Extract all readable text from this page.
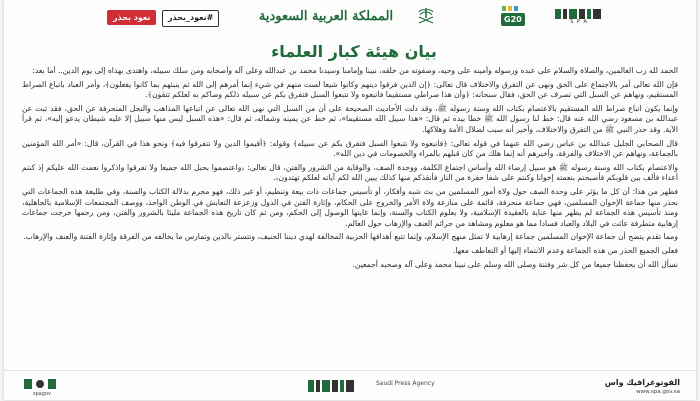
نعود بحذر	#نعود_بحذر	المملكة العربية السعودية	G20	S P A
بيان هيئة كبار العلماء

الحمد لله رب العالمين، والصلاة والسلام على عبده ورسوله وأمينه على وحيه، وصفوته من خلقه، نبينا وإمامنا وسيدنا محمد بن عبدالله وعلى آله وأصحابه ومن سلك سبيله، واهتدى بهداه إلى يوم الدين.. أما بعد:

فإن الله تعالى أمر بالاجتماع على الحق ونهى عن التفرق والاختلاف قال تعالى: ﴿إن الذين فرقوا دينهم وكانوا شيعا لست منهم في شيء إنما أمرهم إلى الله ثم ينبئهم بما كانوا يفعلون﴾، وأمر العباد باتباع الصراط المستقيم، ونهاهم عن السبل التي تصرف عن الحق، فقال سبحانه: ﴿وأن هذا صراطي مستقيما فاتبعوه ولا تتبعوا السبل فتفرق بكم عن سبيله ذلكم وصاكم به لعلكم تتقون﴾.

وإنما يكون اتباع صراط الله المستقيم بالاعتصام بكتاب الله وسنة رسوله ﷺ، وقد دلت الأحاديث الصحيحة على أن من السبل التي نهى الله تعالى عن اتباعها المذاهب والنحل المنحرفة عن الحق، فقد ثبت عن عبدالله بن مسعود رضي الله عنه قال: خط لنا رسول الله ﷺ خطا بيده ثم قال: «هذا سبيل الله مستقيما»، ثم خط عن يمينه وشماله، ثم قال: «هذه السبل ليس منها سبيل إلا عليه شيطان يدعو إليه»، ثم قرأ الآية. وقد حذر النبي ﷺ من التفرق والاختلاف، وأخبر أنه سبب لضلال الأمة وهلاكها.

قال الصحابي الجليل عبدالله بن عباس رضي الله عنهما في قوله تعالى: ﴿فاتبعوه ولا تتبعوا السبل فتفرق بكم عن سبيله﴾ وقوله: ﴿أقيموا الدين ولا تتفرقوا فيه﴾ ونحو هذا في القرآن، قال: «أمر الله المؤمنين بالجماعة، ونهاهم عن الاختلاف والفرقة، وأخبرهم أنه إنما هلك من كان قبلهم بالمراء والخصومات في دين الله».

والاعتصام بكتاب الله وسنة رسوله ﷺ هو سبيل إرضاء الله وأساس اجتماع الكلمة، ووحدة الصف، والوقاية من الشرور والفتن، قال تعالى: ﴿واعتصموا بحبل الله جميعا ولا تفرقوا واذكروا نعمت الله عليكم إذ كنتم أعداء فألف بين قلوبكم فأصبحتم بنعمته إخوانا وكنتم على شفا حفرة من النار فأنقذكم منها كذلك يبين الله لكم آياته لعلكم تهتدون﴾.

فظهر من هذا: أن كل ما يؤثر على وحدة الصف حول ولاة أمور المسلمين من بث شبه وأفكار، أو تأسيس جماعات ذات بيعة وتنظيم، أو غير ذلك، فهو محرم بدلالة الكتاب والسنة، وفي طليعة هذه الجماعات التي نحذر منها جماعة الإخوان المسلمين، فهي جماعة منحرفة، قائمة على منازعة ولاة الأمر والخروج على الحكام، وإثارة الفتن في الدول وزعزعة التعايش في الوطن الواحد، ووصف المجتمعات الإسلامية بالجاهلية، ومنذ تأسيس هذه الجماعة لم يظهر منها عناية بالعقيدة الإسلامية، ولا بعلوم الكتاب والسنة، وإنما غايتها الوصول إلى الحكم، ومن ثم كان تاريخ هذه الجماعة مليئا بالشرور والفتن، ومن رحمها خرجت جماعات إرهابية متطرفة عاثت في البلاد والعباد فسادا مما هو معلوم ومشاهد من جرائم العنف والإرهاب حول العالم.

ومما تقدم يتضح أن جماعة الإخوان المسلمين جماعة إرهابية لا تمثل منهج الإسلام، وإنما تتبع أهدافها الحزبية المخالفة لهدي ديننا الحنيف، وتتستر بالدين وتمارس ما يخالفه من الفرقة وإثارة الفتنة والعنف والإرهاب.

فعلى الجميع الحذر من هذه الجماعة وعدم الانتماء إليها أو التعاطف معها.

نسأل الله أن يحفظنا جميعا من كل شر وفتنة وصلى الله وسلم على نبينا محمد وعلى آله وصحبه أجمعين.

spagov
Saudi Press Agency	الفوتوغرافيك واس
www.spa.gov.sa
